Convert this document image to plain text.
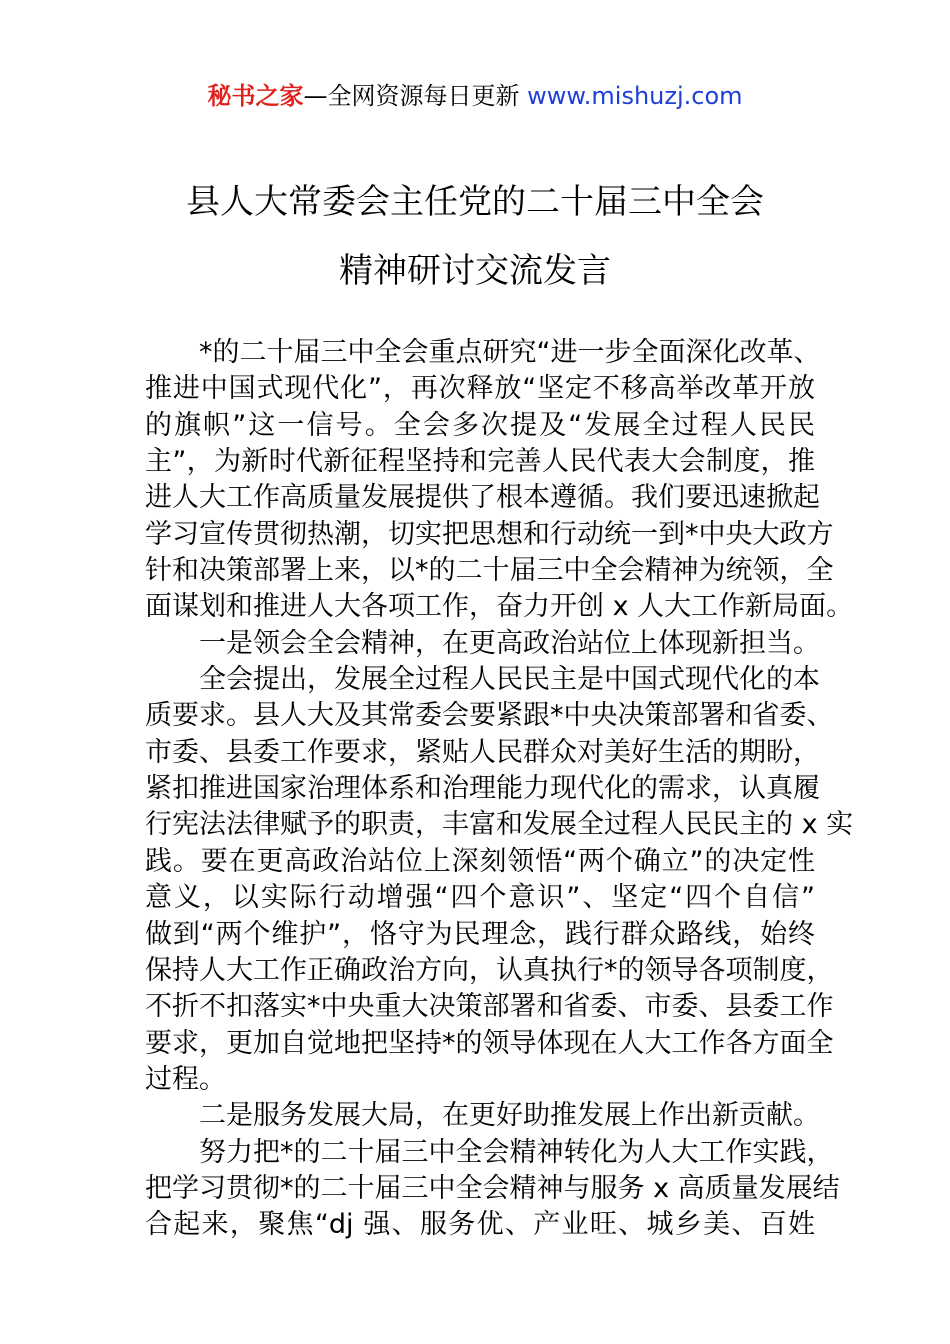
秘书之家—全网资源每日更新 www.mishuzj.com
县人大常委会主任党的二十届三中全会
精神研讨交流发言
*的二十届三中全会重点研究“进一步全面深化改革、
推进中国式现代化”，再次释放“坚定不移高举改革开放
的旗帜”这一信号。全会多次提及“发展全过程人民民
主”，为新时代新征程坚持和完善人民代表大会制度，推
进人大工作高质量发展提供了根本遵循。我们要迅速掀起
学习宣传贯彻热潮，切实把思想和行动统一到*中央大政方
针和决策部署上来，以*的二十届三中全会精神为统领，全
面谋划和推进人大各项工作，奋力开创 x 人大工作新局面。
一是领会全会精神，在更高政治站位上体现新担当。
全会提出，发展全过程人民民主是中国式现代化的本
质要求。县人大及其常委会要紧跟*中央决策部署和省委、
市委、县委工作要求，紧贴人民群众对美好生活的期盼，
紧扣推进国家治理体系和治理能力现代化的需求，认真履
行宪法法律赋予的职责，丰富和发展全过程人民民主的 x 实
践。要在更高政治站位上深刻领悟“两个确立”的决定性
意义，以实际行动增强“四个意识”、坚定“四个自信”
做到“两个维护”，恪守为民理念，践行群众路线，始终
保持人大工作正确政治方向，认真执行*的领导各项制度，
不折不扣落实*中央重大决策部署和省委、市委、县委工作
要求，更加自觉地把坚持*的领导体现在人大工作各方面全
过程。
二是服务发展大局，在更好助推发展上作出新贡献。
努力把*的二十届三中全会精神转化为人大工作实践，
把学习贯彻*的二十届三中全会精神与服务 x 高质量发展结
合起来，聚焦“dj 强、服务优、产业旺、城乡美、百姓
